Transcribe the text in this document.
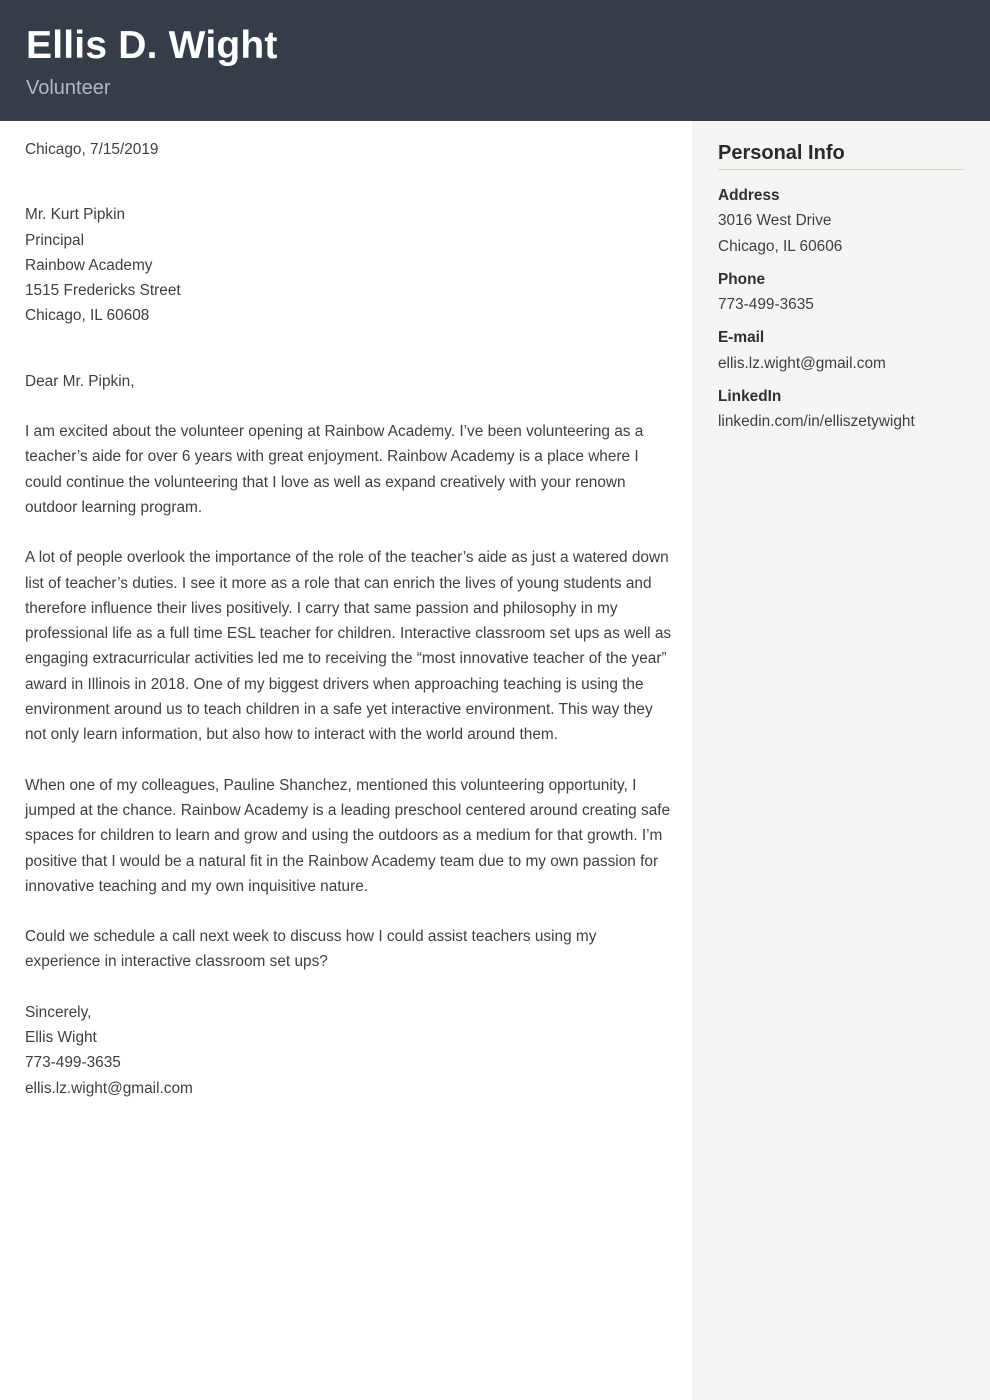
Ellis D. Wight
Volunteer
Chicago, 7/15/2019
Mr. Kurt Pipkin
Principal
Rainbow Academy
1515 Fredericks Street
Chicago, IL 60608
Dear Mr. Pipkin,

I am excited about the volunteer opening at Rainbow Academy. I’ve been volunteering as a teacher’s aide for over 6 years with great enjoyment. Rainbow Academy is a place where I could continue the volunteering that I love as well as expand creatively with your renown outdoor learning program.

A lot of people overlook the importance of the role of the teacher’s aide as just a watered down list of teacher’s duties. I see it more as a role that can enrich the lives of young students and therefore influence their lives positively. I carry that same passion and philosophy in my professional life as a full time ESL teacher for children. Interactive classroom set ups as well as engaging extracurricular activities led me to receiving the “most innovative teacher of the year” award in Illinois in 2018. One of my biggest drivers when approaching teaching is using the environment around us to teach children in a safe yet interactive environment. This way they not only learn information, but also how to interact with the world around them.

When one of my colleagues, Pauline Shanchez, mentioned this volunteering opportunity, I jumped at the chance. Rainbow Academy is a leading preschool centered around creating safe spaces for children to learn and grow and using the outdoors as a medium for that growth. I’m positive that I would be a natural fit in the Rainbow Academy team due to my own passion for innovative teaching and my own inquisitive nature.

Could we schedule a call next week to discuss how I could assist teachers using my experience in interactive classroom set ups?

Sincerely,
Ellis Wight
773-499-3635
ellis.lz.wight@gmail.com
Personal Info
Address
3016 West Drive
Chicago, IL 60606
Phone
773-499-3635
E-mail
ellis.lz.wight@gmail.com
LinkedIn
linkedin.com/in/elliszetywight
